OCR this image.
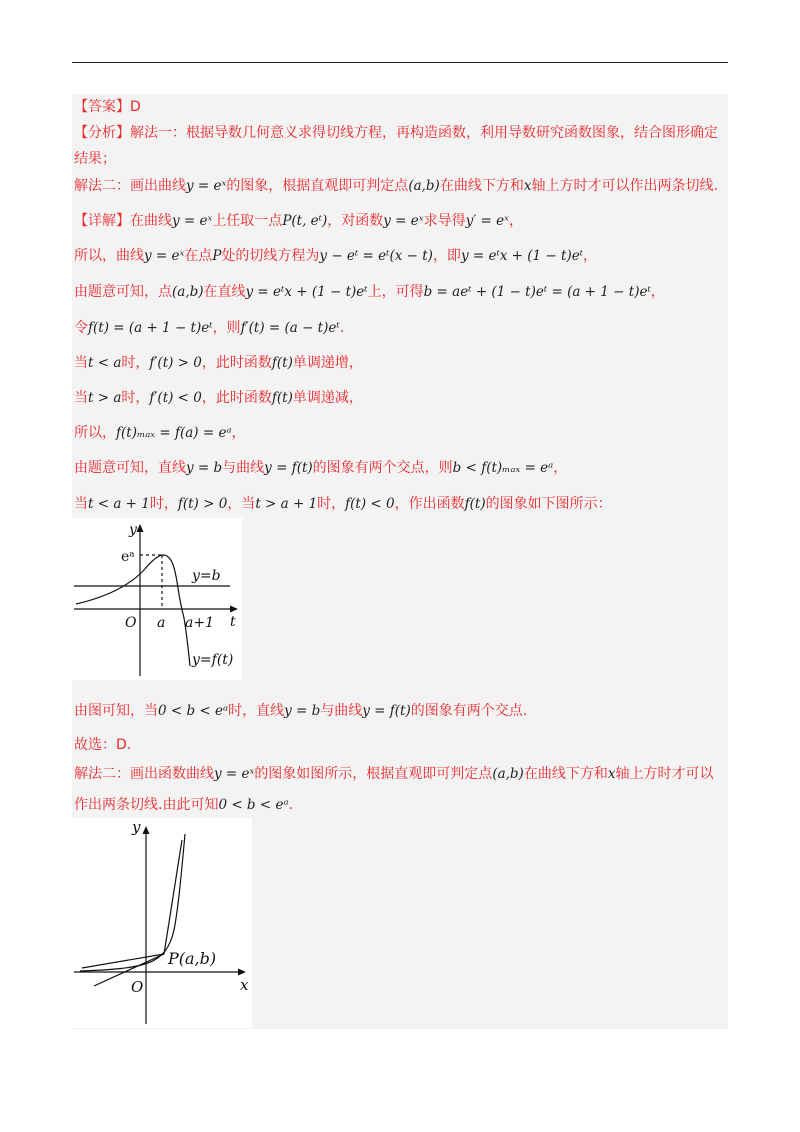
【答案】D
【分析】解法一：根据导数几何意义求得切线方程，再构造函数，利用导数研究函数图象，结合图形确定
结果；
解法二：画出曲线y = eˣ的图象，根据直观即可判定点(a,b)在曲线下方和x轴上方时才可以作出两条切线.
【详解】在曲线y = eˣ上任取一点P(t, eᵗ)，对函数y = eˣ求导得y′ = eˣ，
所以，曲线y = eˣ在点P处的切线方程为y − eᵗ = eᵗ(x − t)，即y = eᵗx + (1 − t)eᵗ，
由题意可知，点(a,b)在直线y = eᵗx + (1 − t)eᵗ上，可得b = aeᵗ + (1 − t)eᵗ = (a + 1 − t)eᵗ，
令f(t) = (a + 1 − t)eᵗ，则f′(t) = (a − t)eᵗ.
当t < a时，f′(t) > 0，此时函数f(t)单调递增，
当t > a时，f′(t) < 0，此时函数f(t)单调递减，
所以，f(t)ₘₐₓ = f(a) = eᵃ，
由题意可知，直线y = b与曲线y = f(t)的图象有两个交点，则b < f(t)ₘₐₓ = eᵃ，
当t < a + 1时，f(t) > 0，当t > a + 1时，f(t) < 0，作出函数f(t)的图象如下图所示：
由图可知，当0 < b < eᵃ时，直线y = b与曲线y = f(t)的图象有两个交点.
故选：D.
解法二：画出函数曲线y = eˣ的图象如图所示，根据直观即可判定点(a,b)在曲线下方和x轴上方时才可以
作出两条切线.由此可知0 < b < eᵃ.
y
t
O a a+1
eᵃ
y=b
y=f(t)
y
x
O
P(a,b)
